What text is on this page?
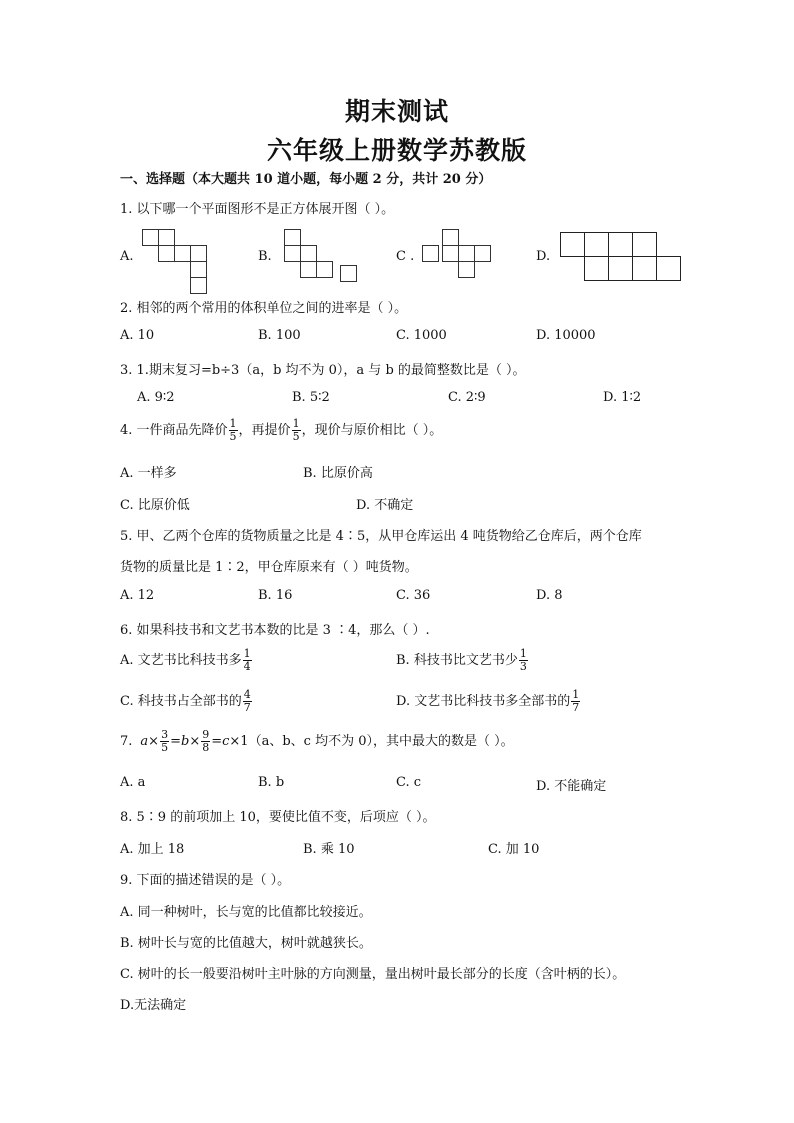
期末测试
六年级上册数学苏教版
一、选择题（本大题共 10 道小题，每小题 2 分，共计 20 分）
1. 以下哪一个平面图形不是正方体展开图（ ）。
A.	B.	C .	D.
2. 相邻的两个常用的体积单位之间的进率是（ ）。
A. 10	B. 100	C. 1000	D. 10000
3. 1.期末复习=b÷3（a，b 均不为 0），a 与 b 的最简整数比是（ ）。
A. 9∶2	B. 5∶2	C. 2∶9	D. 1∶2
4. 一件商品先降价 $\frac{1}{5}$ ，再提价 $\frac{1}{5}$ ，现价与原价相比（ ）。
A. 一样多	B. 比原价高
C. 比原价低	D. 不确定
5. 甲、乙两个仓库的货物质量之比是 4∶5，从甲仓库运出 4 吨货物给乙仓库后，两个仓库
货物的质量比是 1∶2，甲仓库原来有（ ）吨货物。
A. 12	B. 16	C. 36	D. 8
6. 如果科技书和文艺书本数的比是 3 ∶4，那么（ ）.
A. 文艺书比科技书多 $\frac{1}{4}$	B. 科技书比文艺书少 $\frac{1}{3}$
C. 科技书占全部书的 $\frac{4}{7}$	D. 文艺书比科技书多全部书的 $\frac{1}{7}$
7. $a\times \frac{3}{5} =b\times \frac{9}{8} =c\times 1(a$、b、c 均不为 0），其中最大的数是（ ）。
A. a	B. b	C. c	D. 不能确定
8. 5∶9 的前项加上 10，要使比值不变，后项应（ ）。
A. 加上 18	B. 乘 10	C. 加 10
9. 下面的描述错误的是（ ）。
A. 同一种树叶，长与宽的比值都比较接近。
B. 树叶长与宽的比值越大，树叶就越狭长。
C. 树叶的长一般要沿树叶主叶脉的方向测量，量出树叶最长部分的长度（含叶柄的长）。
D.无法确定
